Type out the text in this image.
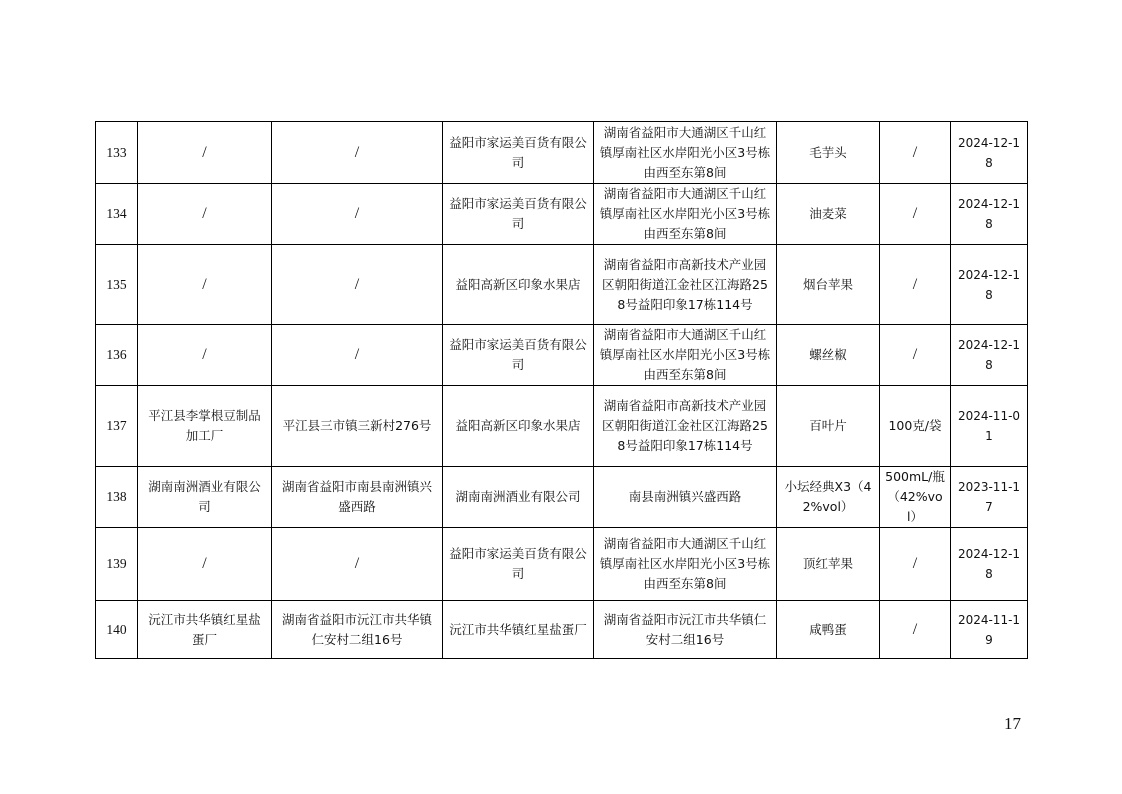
133	/	/	益阳市家运美百货有限公司	湖南省益阳市大通湖区千山红镇厚南社区水岸阳光小区3号栋由西至东第8间	毛芋头	/	2024-12-18
134	/	/	益阳市家运美百货有限公司	湖南省益阳市大通湖区千山红镇厚南社区水岸阳光小区3号栋由西至东第8间	油麦菜	/	2024-12-18
135	/	/	益阳高新区印象水果店	湖南省益阳市高新技术产业园区朝阳街道江金社区江海路258号益阳印象17栋114号	烟台苹果	/	2024-12-18
136	/	/	益阳市家运美百货有限公司	湖南省益阳市大通湖区千山红镇厚南社区水岸阳光小区3号栋由西至东第8间	螺丝椒	/	2024-12-18
137	平江县李掌根豆制品加工厂	平江县三市镇三新村276号	益阳高新区印象水果店	湖南省益阳市高新技术产业园区朝阳街道江金社区江海路258号益阳印象17栋114号	百叶片	100克/袋	2024-11-01
138	湖南南洲酒业有限公司	湖南省益阳市南县南洲镇兴盛西路	湖南南洲酒业有限公司	南县南洲镇兴盛西路	小坛经典X3（42%vol）	500mL/瓶（42%vol）	2023-11-17
139	/	/	益阳市家运美百货有限公司	湖南省益阳市大通湖区千山红镇厚南社区水岸阳光小区3号栋由西至东第8间	顶红苹果	/	2024-12-18
140	沅江市共华镇红星盐蛋厂	湖南省益阳市沅江市共华镇仁安村二组16号	沅江市共华镇红星盐蛋厂	湖南省益阳市沅江市共华镇仁安村二组16号	咸鸭蛋	/	2024-11-19
17
